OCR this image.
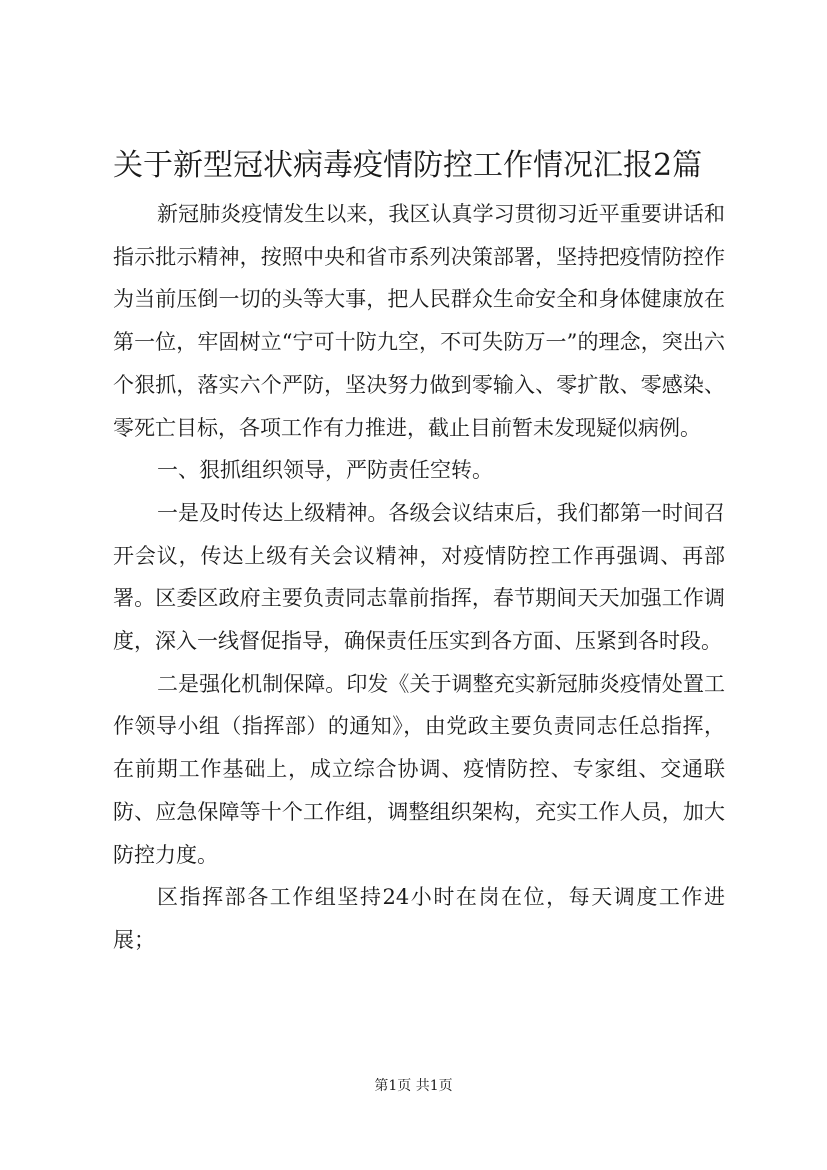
关于新型冠状病毒疫情防控工作情况汇报2篇

新冠肺炎疫情发生以来，我区认真学习贯彻习近平重要讲话和指示批示精神，按照中央和省市系列决策部署，坚持把疫情防控作为当前压倒一切的头等大事，把人民群众生命安全和身体健康放在第一位，牢固树立“宁可十防九空，不可失防万一”的理念，突出六个狠抓，落实六个严防，坚决努力做到零输入、零扩散、零感染、零死亡目标，各项工作有力推进，截止目前暂未发现疑似病例。

一、狠抓组织领导，严防责任空转。

一是及时传达上级精神。各级会议结束后，我们都第一时间召开会议，传达上级有关会议精神，对疫情防控工作再强调、再部署。区委区政府主要负责同志靠前指挥，春节期间天天加强工作调度，深入一线督促指导，确保责任压实到各方面、压紧到各时段。

二是强化机制保障。印发《关于调整充实新冠肺炎疫情处置工作领导小组（指挥部）的通知》，由党政主要负责同志任总指挥，在前期工作基础上，成立综合协调、疫情防控、专家组、交通联防、应急保障等十个工作组，调整组织架构，充实工作人员，加大防控力度。

区指挥部各工作组坚持24小时在岗在位，每天调度工作进展；

第1页 共1页
